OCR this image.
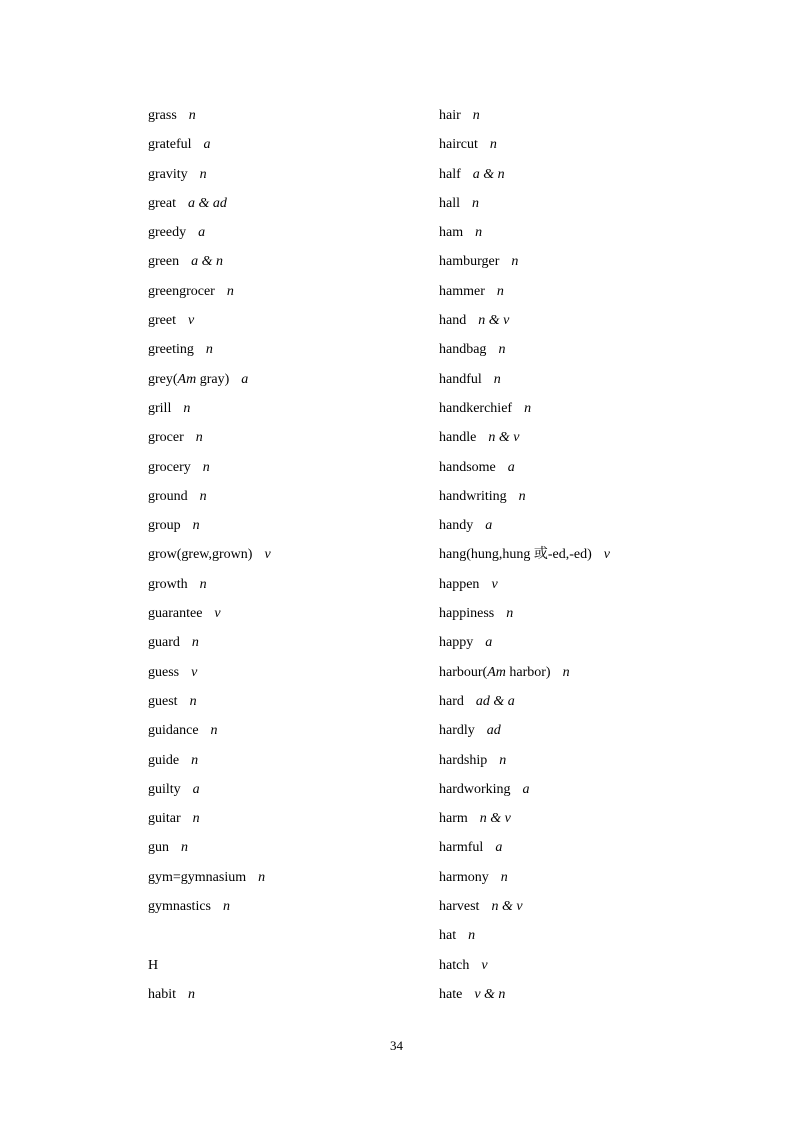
grass n
grateful a
gravity n
great a & ad
greedy a
green a & n
greengrocer n
greet v
greeting n
grey(Am gray) a
grill n
grocer n
grocery n
ground n
group n
grow(grew,grown) v
growth n
guarantee v
guard n
guess v
guest n
guidance n
guide n
guilty a
guitar n
gun n
gym=gymnasium n
gymnastics n
H
habit n
hair n
haircut n
half a & n
hall n
ham n
hamburger n
hammer n
hand n & v
handbag n
handful n
handkerchief n
handle n & v
handsome a
handwriting n
handy a
hang(hung,hung 或-ed,-ed) v
happen v
happiness n
happy a
harbour(Am harbor) n
hard ad & a
hardly ad
hardship n
hardworking a
harm n & v
harmful a
harmony n
harvest n & v
hat n
hatch v
hate v & n
34
